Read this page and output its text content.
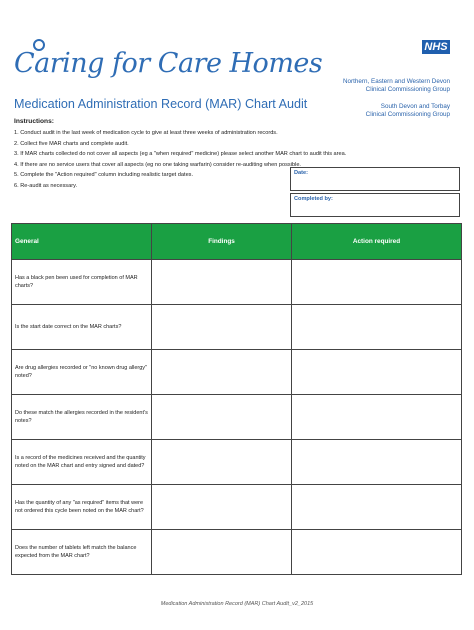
Caring for Care Homes
NHS
Northern, Eastern and Western Devon
Clinical Commissioning Group
South Devon and Torbay
Clinical Commissioning Group
Medication Administration Record (MAR) Chart Audit
Instructions:
1. Conduct audit in the last week of medication cycle to give at least three weeks of administration records.
2. Collect five MAR charts and complete audit.
3. If MAR charts collected do not cover all aspects (eg a "when required" medicine) please select another MAR chart to audit this area.
4. If there are no service users that cover all aspects (eg no one taking warfarin) consider re-auditing when possible.
5. Complete the "Action required" column including realistic target dates.
6. Re-audit as necessary.
Date:
Completed by:
General	Findings	Action required
Has a black pen been used for completion of MAR charts?		
Is the start date correct on the MAR charts?		
Are drug allergies recorded or "no known drug allergy" noted?		
Do these match the allergies recorded in the resident's notes?		
Is a record of the medicines received and the quantity noted on the MAR chart and entry signed and dated?		
Has the quantity of any "as required" items that were not ordered this cycle been noted on the MAR chart?		
Does the number of tablets left match the balance expected from the MAR chart?		
Medication Administration Record (MAR) Chart Audit_v2_2015
